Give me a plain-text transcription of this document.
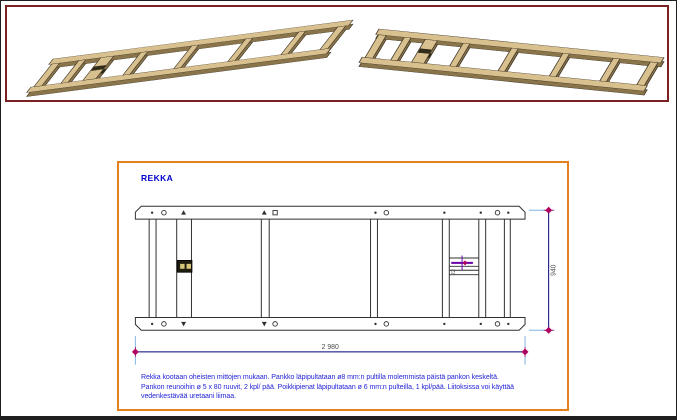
REKKA
2 980
940
22
Rekka kootaan oheisten mittojen mukaan. Pankko läpipultataan ø8 mm:n pultilla molemmista päistä pankon keskeltä.
Pankon reunoihin ø 5 x 80 ruuvit, 2 kpl/ pää. Poikkipienat läpipultataan ø 6 mm:n pulteilla, 1 kpl/pää. Liitoksissa voi käyttää
vedenkestävää uretaani liimaa.
